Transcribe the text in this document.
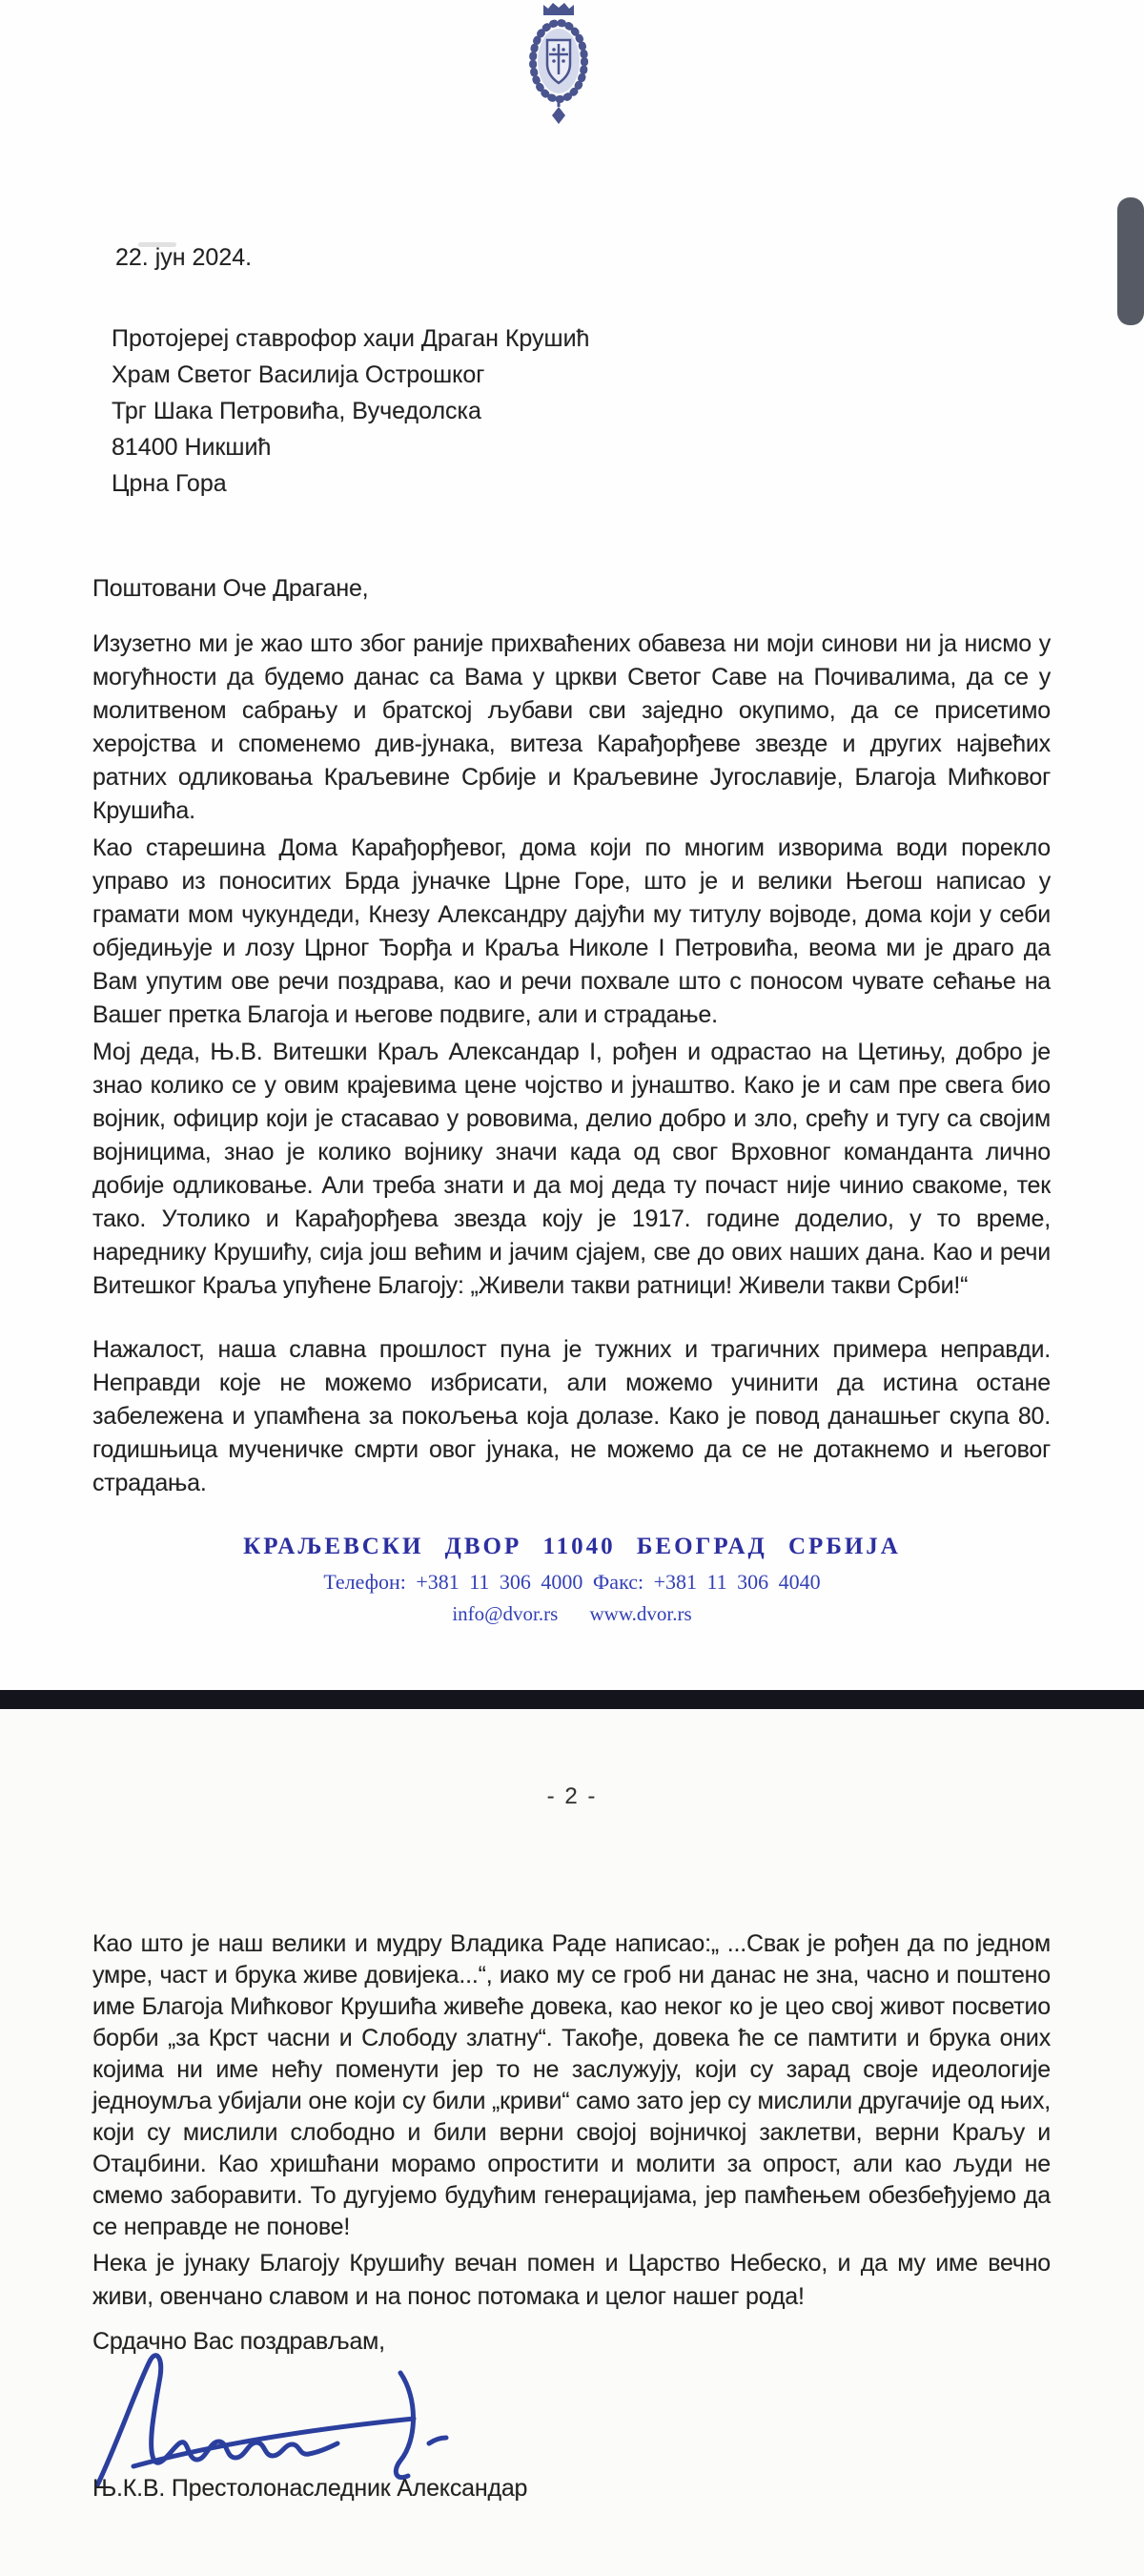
22. јун 2024.
Протојереј ставрофор хаџи Драган Крушић
Храм Светог Василија Острошког
Трг Шака Петровића, Вучедолска
81400 Никшић
Црна Гора
Поштовани Оче Драгане,
Изузетно ми је жао што због раније прихваћених обавеза ни моји синови ни ја нисмо у могућности да будемо данас са Вама у цркви Светог Саве на Почивалима, да се у молитвеном сабрању и братској љубави сви заједно окупимо, да се присетимо херојства и споменемо див-јунака, витеза Карађорђеве звезде и других највећих ратних одликовања Краљевине Србије и Краљевине Југославије, Благоја Мићковог Крушића.
Као старешина Дома Карађорђевог, дома који по многим изворима води порекло управо из поноситих Брда јуначке Црне Горе, што је и велики Његош написао у грамати мом чукундеди, Кнезу Александру дајући му титулу војводе, дома који у себи обједињује и лозу Црног Ђорђа и Краља Николе I Петровића, веома ми је драго да Вам упутим ове речи поздрава, као и речи похвале што с поносом чувате сећање на Вашег претка Благоја и његове подвиге, али и страдање.
Мој деда, Њ.В. Витешки Краљ Александар I, рођен и одрастао на Цетињу, добро је знао колико се у овим крајевима цене чојство и јунаштво. Како је и сам пре свега био војник, официр који је стасавао у рововима, делио добро и зло, срећу и тугу са својим војницима, знао је колико војнику значи када од свог Врховног команданта лично добије одликовање. Али треба знати и да мој деда ту почаст није чинио свакоме, тек тако. Утолико и Карађорђева звезда коју је 1917. године доделио, у то време, нареднику Крушићу, сија још већим и јачим сјајем, све до ових наших дана. Као и речи Витешког Краља упућене Благоју: „Живели такви ратници! Живели такви Срби!“
Нажалост, наша славна прошлост пуна је тужних и трагичних примера неправди. Неправди које не можемо избрисати, али можемо учинити да истина остане забележена и упамћена за покољења која долазе. Како је повод данашњег скупа 80. годишњица мученичке смрти овог јунака, не можемо да се не дотакнемо и његовог страдања.
КРАЉЕВСКИ ДВОР 11040 БЕОГРАД СРБИЈА
Телефон: +381 11 306 4000 Факс: +381 11 306 4040
info@dvor.rs www.dvor.rs
- 2 -
Као што је наш велики и мудру Владика Раде написао:„ ...Свак је рођен да по једном умре, част и брука живе довијека...“, иако му се гроб ни данас не зна, часно и поштено име Благоја Мићковог Крушића живеће довека, као неког ко је цео свој живот посветио борби „за Крст часни и Слободу златну“. Такође, довека ће се памтити и брука оних којима ни име нећу поменути јер то не заслужују, који су зарад своје идеологије једноумља убијали оне који су били „криви“ само зато јер су мислили другачије од њих, који су мислили слободно и били верни својој војничкој заклетви, верни Краљу и Отаџбини. Као хришћани морамо опростити и молити за опрост, али као људи не смемо заборавити. То дугујемо будућим генерацијама, јер памћењем обезбеђујемо да се неправде не понове!
Нека је јунаку Благоју Крушићу вечан помен и Царство Небеско, и да му име вечно живи, овенчано славом и на понос потомака и целог нашег рода!
Срдачно Вас поздрављам,
Њ.К.В. Престолонаследник Александар
